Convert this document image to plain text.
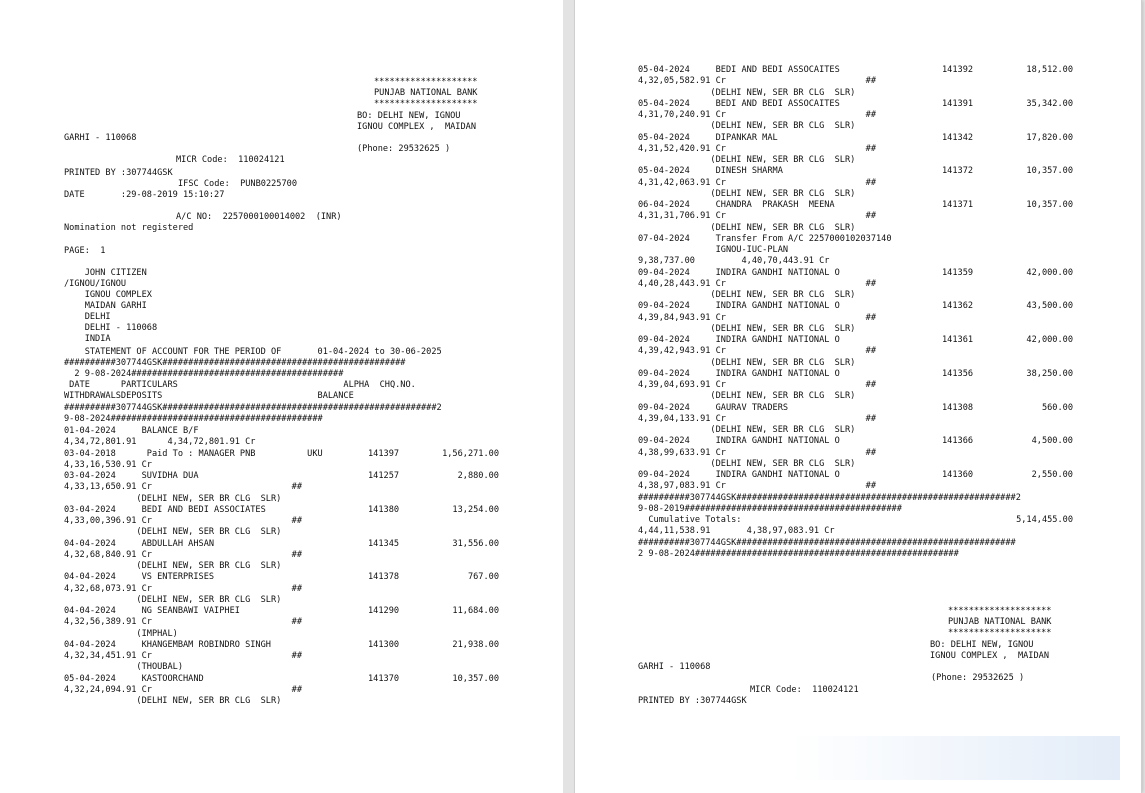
********************
PUNJAB NATIONAL BANK
********************
BO: DELHI NEW, IGNOU
IGNOU COMPLEX ,  MAIDAN
GARHI - 110068
(Phone: 29532625 )
MICR Code:  110024121
PRINTED BY :307744GSK
IFSC Code:  PUNB0225700
DATE       :29-08-2019 15:10:27
A/C NO:  2257000100014002  (INR)
Nomination not registered
PAGE:  1
JOHN CITIZEN
/IGNOU/IGNOU
IGNOU COMPLEX
MAIDAN GARHI
DELHI
DELHI - 110068
INDIA
STATEMENT OF ACCOUNT FOR THE PERIOD OF       01-04-2024 to 30-06-2025
##########307744GSK###############################################
2 9-08-2024#########################################
DATE      PARTICULARS                                ALPHA  CHQ.NO.
WITHDRAWALSDEPOSITS                              BALANCE
##########307744GSK#####################################################2
9-08-2024#########################################
01-04-2024     BALANCE B/F
4,34,72,801.91      4,34,72,801.91 Cr
03-04-2018      Paid To : MANAGER PNB          UKU	141397	1,56,271.00
4,33,16,530.91 Cr
03-04-2024     SUVIDHA DUA	141257	2,880.00
4,33,13,650.91 Cr                           ##
(DELHI NEW, SER BR CLG  SLR)
03-04-2024     BEDI AND BEDI ASSOCIATES	141380	13,254.00
4,33,00,396.91 Cr                           ##
(DELHI NEW, SER BR CLG  SLR)
04-04-2024     ABDULLAH AHSAN	141345	31,556.00
4,32,68,840.91 Cr                           ##
(DELHI NEW, SER BR CLG  SLR)
04-04-2024     VS ENTERPRISES	141378	767.00
4,32,68,073.91 Cr                           ##
(DELHI NEW, SER BR CLG  SLR)
04-04-2024     NG SEANBAWI VAIPHEI	141290	11,684.00
4,32,56,389.91 Cr                           ##
(IMPHAL)
04-04-2024     KHANGEMBAM ROBINDRO SINGH	141300	21,938.00
4,32,34,451.91 Cr                           ##
(THOUBAL)
05-04-2024     KASTOORCHAND	141370	10,357.00
4,32,24,094.91 Cr                           ##
(DELHI NEW, SER BR CLG  SLR)
05-04-2024     BEDI AND BEDI ASSOCAITES	141392	18,512.00
4,32,05,582.91 Cr                           ##
(DELHI NEW, SER BR CLG  SLR)
05-04-2024     BEDI AND BEDI ASSOCAITES	141391	35,342.00
4,31,70,240.91 Cr                           ##
(DELHI NEW, SER BR CLG  SLR)
05-04-2024     DIPANKAR MAL	141342	17,820.00
4,31,52,420.91 Cr                           ##
(DELHI NEW, SER BR CLG  SLR)
05-04-2024     DINESH SHARMA	141372	10,357.00
4,31,42,063.91 Cr                           ##
(DELHI NEW, SER BR CLG  SLR)
06-04-2024     CHANDRA  PRAKASH  MEENA	141371	10,357.00
4,31,31,706.91 Cr                           ##
(DELHI NEW, SER BR CLG  SLR)
07-04-2024     Transfer From A/C 2257000102037140
IGNOU-IUC-PLAN
9,38,737.00         4,40,70,443.91 Cr
09-04-2024     INDIRA GANDHI NATIONAL O	141359	42,000.00
4,40,28,443.91 Cr                           ##
(DELHI NEW, SER BR CLG  SLR)
09-04-2024     INDIRA GANDHI NATIONAL O	141362	43,500.00
4,39,84,943.91 Cr                           ##
(DELHI NEW, SER BR CLG  SLR)
09-04-2024     INDIRA GANDHI NATIONAL O	141361	42,000.00
4,39,42,943.91 Cr                           ##
(DELHI NEW, SER BR CLG  SLR)
09-04-2024     INDIRA GANDHI NATIONAL O	141356	38,250.00
4,39,04,693.91 Cr                           ##
(DELHI NEW, SER BR CLG  SLR)
09-04-2024     GAURAV TRADERS	141308	560.00
4,39,04,133.91 Cr                           ##
(DELHI NEW, SER BR CLG  SLR)
09-04-2024     INDIRA GANDHI NATIONAL O	141366	4,500.00
4,38,99,633.91 Cr                           ##
(DELHI NEW, SER BR CLG  SLR)
09-04-2024     INDIRA GANDHI NATIONAL O	141360	2,550.00
4,38,97,083.91 Cr                           ##
##########307744GSK######################################################2
9-08-2019##########################################
Cumulative Totals:	5,14,455.00
4,44,11,538.91       4,38,97,083.91 Cr
##########307744GSK######################################################
2 9-08-2024###################################################
********************
PUNJAB NATIONAL BANK
********************
BO: DELHI NEW, IGNOU
IGNOU COMPLEX ,  MAIDAN
GARHI - 110068
(Phone: 29532625 )
MICR Code:  110024121
PRINTED BY :307744GSK
